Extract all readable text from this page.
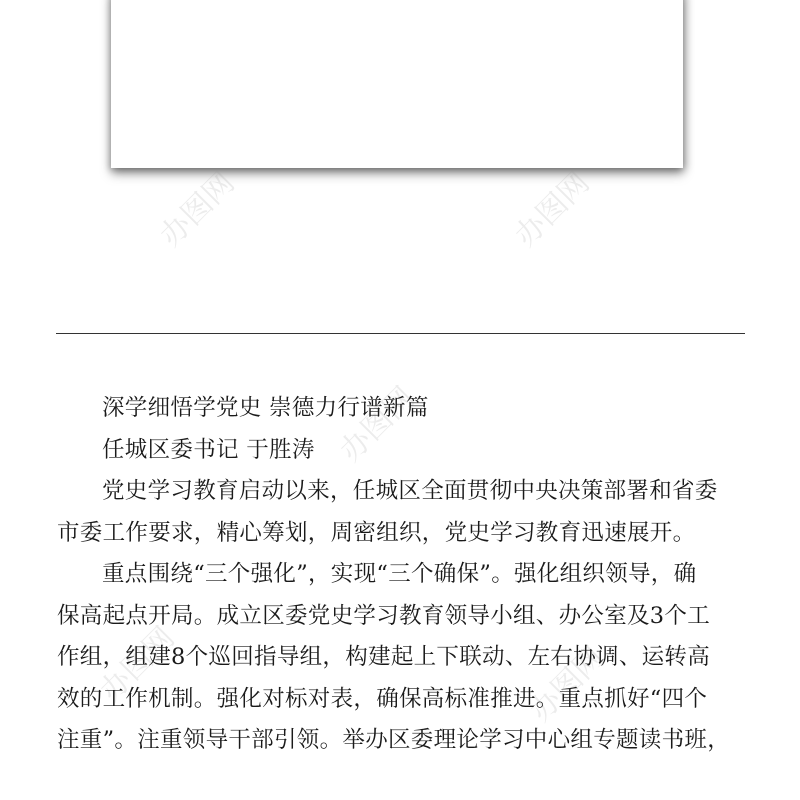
办图网	办图网
办图网
办图网	办图网

深学细悟学党史 崇德力行谱新篇

任城区委书记 于胜涛

党史学习教育启动以来，任城区全面贯彻中央决策部署和省委

市委工作要求，精心筹划，周密组织，党史学习教育迅速展开。

重点围绕“三个强化”，实现“三个确保”。强化组织领导，确

保高起点开局。成立区委党史学习教育领导小组、办公室及3个工

作组，组建8个巡回指导组，构建起上下联动、左右协调、运转高

效的工作机制。强化对标对表，确保高标准推进。重点抓好“四个

注重”。注重领导干部引领。举办区委理论学习中心组专题读书班，
